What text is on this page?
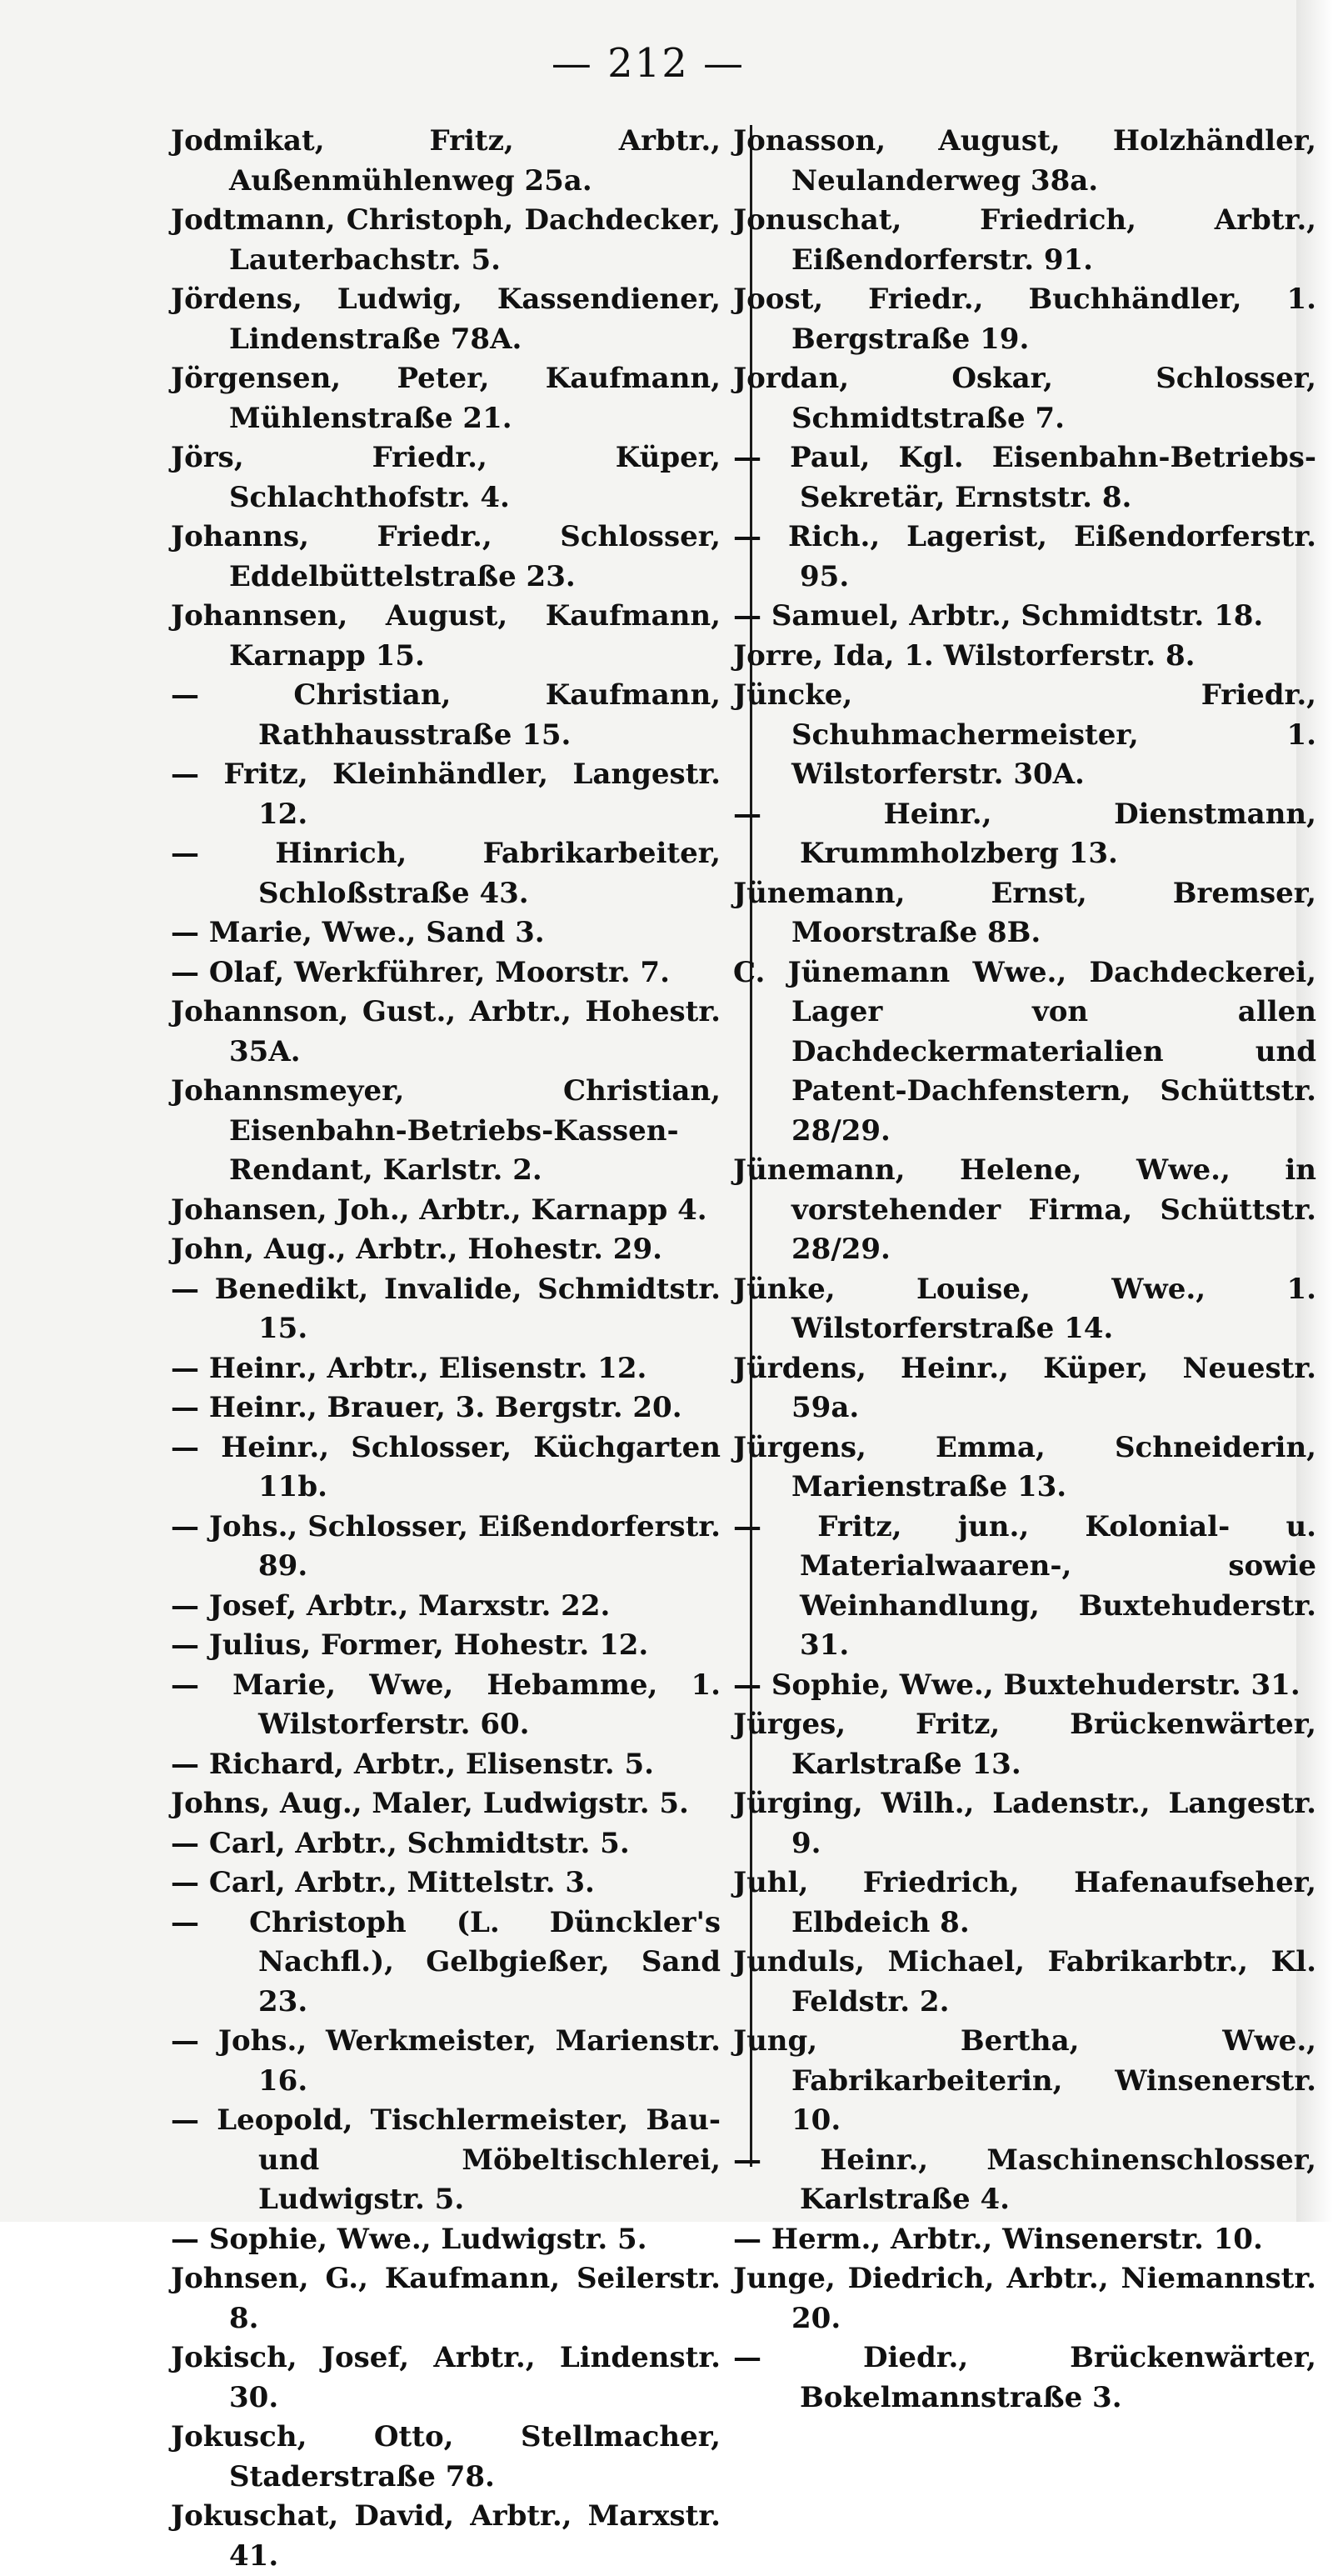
— 212 —

Jodmikat, Fritz, Arbtr., Außenmühlenweg 25a.

Jodtmann, Christoph, Dachdecker, Lauterbachstr. 5.

Jördens, Ludwig, Kassendiener, Lindenstraße 78A.

Jörgensen, Peter, Kaufmann, Mühlenstraße 21.

Jörs, Friedr., Küper, Schlachthofstr. 4.

Johanns, Friedr., Schlosser, Eddelbüttelstraße 23.

Johannsen, August, Kaufmann, Karnapp 15.

— Christian, Kaufmann, Rathhausstraße 15.

— Fritz, Kleinhändler, Langestr. 12.

— Hinrich, Fabrikarbeiter, Schloßstraße 43.

— Marie, Wwe., Sand 3.

— Olaf, Werkführer, Moorstr. 7.

Johannson, Gust., Arbtr., Hohestr. 35A.

Johannsmeyer, Christian, Eisenbahn-Betriebs-Kassen-Rendant, Karlstr. 2.

Johansen, Joh., Arbtr., Karnapp 4.

John, Aug., Arbtr., Hohestr. 29.

— Benedikt, Invalide, Schmidtstr. 15.

— Heinr., Arbtr., Elisenstr. 12.

— Heinr., Brauer, 3. Bergstr. 20.

— Heinr., Schlosser, Küchgarten 11b.

— Johs., Schlosser, Eißendorferstr. 89.

— Josef, Arbtr., Marxstr. 22.

— Julius, Former, Hohestr. 12.

— Marie, Wwe, Hebamme, 1. Wilstorferstr. 60.

— Richard, Arbtr., Elisenstr. 5.

Johns, Aug., Maler, Ludwigstr. 5.

— Carl, Arbtr., Schmidtstr. 5.

— Carl, Arbtr., Mittelstr. 3.

— Christoph (L. Dünckler's Nachfl.), Gelbgießer, Sand 23.

— Johs., Werkmeister, Marienstr. 16.

— Leopold, Tischlermeister, Bau- und Möbeltischlerei, Ludwigstr. 5.

— Sophie, Wwe., Ludwigstr. 5.

Johnsen, G., Kaufmann, Seilerstr. 8.

Jokisch, Josef, Arbtr., Lindenstr. 30.

Jokusch, Otto, Stellmacher, Staderstraße 78.

Jokuschat, David, Arbtr., Marxstr. 41.

Jonasson, August, Holzhändler, Neulanderweg 38a.

Jonuschat, Friedrich, Arbtr., Eißendorferstr. 91.

Joost, Friedr., Buchhändler, 1. Bergstraße 19.

Jordan, Oskar, Schlosser, Schmidtstraße 7.

— Paul, Kgl. Eisenbahn-Betriebs-Sekretär, Ernststr. 8.

— Rich., Lagerist, Eißendorferstr. 95.

— Samuel, Arbtr., Schmidtstr. 18.

Jorre, Ida, 1. Wilstorferstr. 8.

Jüncke, Friedr., Schuhmachermeister, 1. Wilstorferstr. 30A.

— Heinr., Dienstmann, Krummholzberg 13.

Jünemann, Ernst, Bremser, Moorstraße 8B.

C. Jünemann Wwe., Dachdeckerei, Lager von allen Dachdeckermaterialien und Patent-Dachfenstern, Schüttstr. 28/29.

Jünemann, Helene, Wwe., in vorstehender Firma, Schüttstr. 28/29.

Jünke, Louise, Wwe., 1. Wilstorferstraße 14.

Jürdens, Heinr., Küper, Neuestr. 59a.

Jürgens, Emma, Schneiderin, Marienstraße 13.

— Fritz, jun., Kolonial- u. Materialwaaren-, sowie Weinhandlung, Buxtehuderstr. 31.

— Sophie, Wwe., Buxtehuderstr. 31.

Jürges, Fritz, Brückenwärter, Karlstraße 13.

Jürging, Wilh., Ladenstr., Langestr. 9.

Juhl, Friedrich, Hafenaufseher, Elbdeich 8.

Junduls, Michael, Fabrikarbtr., Kl. Feldstr. 2.

Jung, Bertha, Wwe., Fabrikarbeiterin, Winsenerstr. 10.

— Heinr., Maschinenschlosser, Karlstraße 4.

— Herm., Arbtr., Winsenerstr. 10.

Junge, Diedrich, Arbtr., Niemannstr. 20.

— Diedr., Brückenwärter, Bokelmannstraße 3.
